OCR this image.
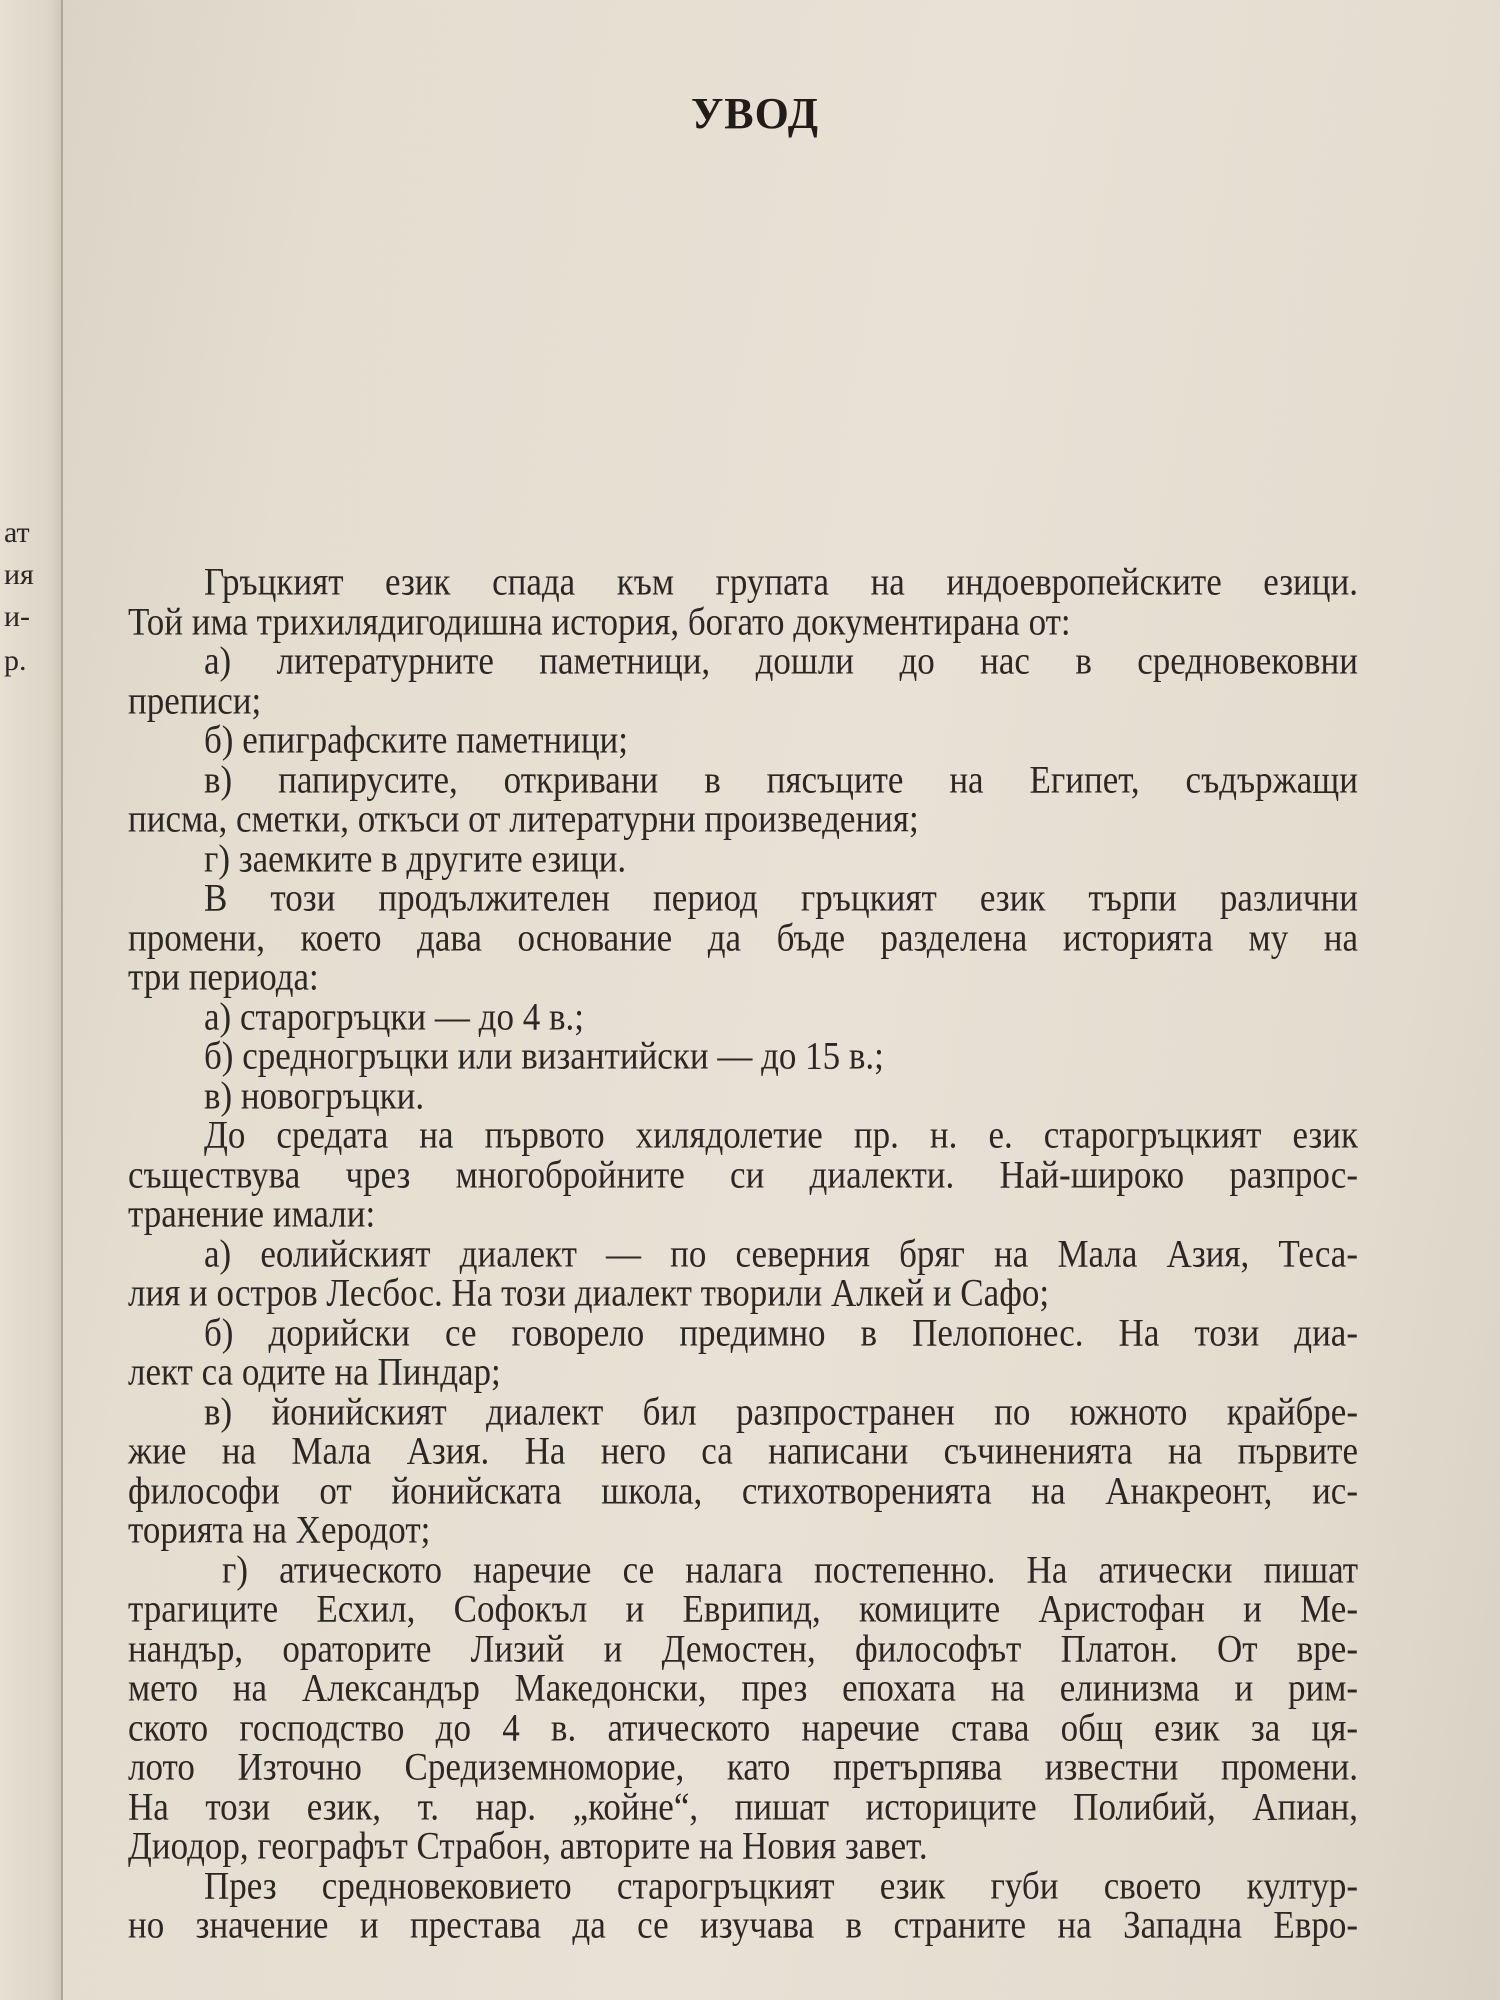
ат
ия
и-
р.
УВОД
Гръцкият език спада към групата на индоевропейските езици.
Той има трихилядигодишна история, богато документирана от:
а) литературните паметници, дошли до нас в средновековни
преписи;
б) епиграфските паметници;
в) папирусите, откривани в пясъците на Египет, съдържащи
писма, сметки, откъси от литературни произведения;
г) заемките в другите езици.
В този продължителен период гръцкият език търпи различни
промени, което дава основание да бъде разделена историята му на
три периода:
а) старогръцки — до 4 в.;
б) средногръцки или византийски — до 15 в.;
в) новогръцки.
До средата на първото хилядолетие пр. н. е. старогръцкият език
съществува чрез многобройните си диалекти. Най-широко разпрос-
транение имали:
а) еолийският диалект — по северния бряг на Мала Азия, Теса-
лия и остров Лесбос. На този диалект творили Алкей и Сафо;
б) дорийски се говорело предимно в Пелопонес. На този диа-
лект са одите на Пиндар;
в) йонийският диалект бил разпространен по южното крайбре-
жие на Мала Азия. На него са написани съчиненията на първите
философи от йонийската школа, стихотворенията на Анакреонт, ис-
торията на Херодот;
г) атическото наречие се налага постепенно. На атически пишат
трагиците Есхил, Софокъл и Еврипид, комиците Аристофан и Ме-
нандър, ораторите Лизий и Демостен, философът Платон. От вре-
мето на Александър Македонски, през епохата на елинизма и рим-
ското господство до 4 в. атическото наречие става общ език за ця-
лото Източно Средиземноморие, като претърпява известни промени.
На този език, т. нар. „койне“, пишат историците Полибий, Апиан,
Диодор, географът Страбон, авторите на Новия завет.
През средновековието старогръцкият език губи своето култур-
но значение и престава да се изучава в страните на Западна Евро-
